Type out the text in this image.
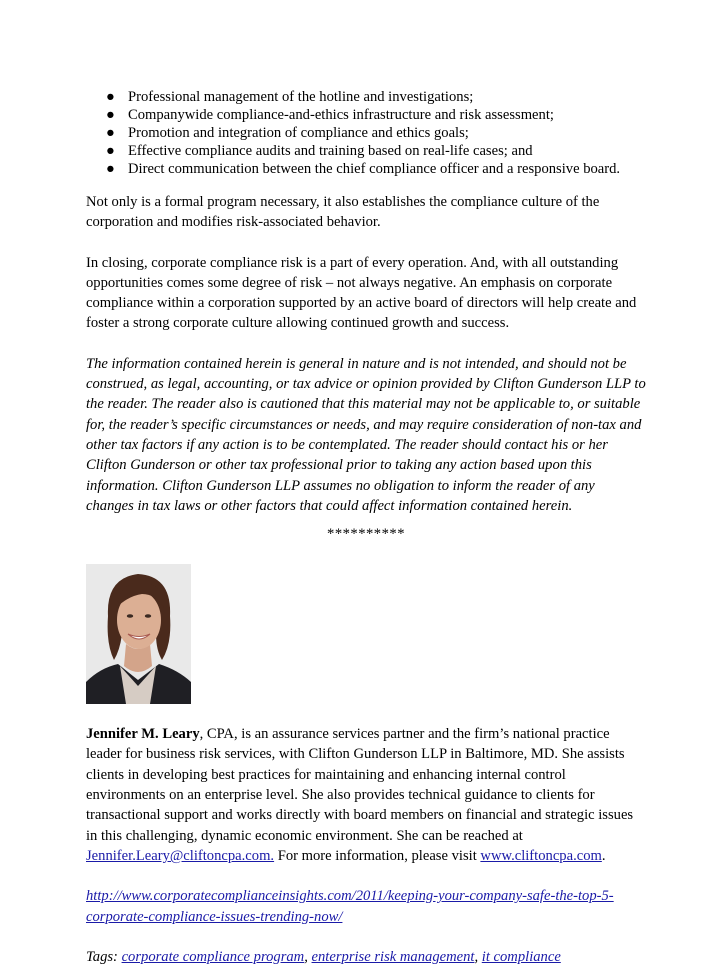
● Professional management of the hotline and investigations;
● Companywide compliance-and-ethics infrastructure and risk assessment;
● Promotion and integration of compliance and ethics goals;
● Effective compliance audits and training based on real-life cases; and
● Direct communication between the chief compliance officer and a responsive board.

Not only is a formal program necessary, it also establishes the compliance culture of the corporation and modifies risk-associated behavior.

In closing, corporate compliance risk is a part of every operation. And, with all outstanding opportunities comes some degree of risk – not always negative. An emphasis on corporate compliance within a corporation supported by an active board of directors will help create and foster a strong corporate culture allowing continued growth and success.

The information contained herein is general in nature and is not intended, and should not be construed, as legal, accounting, or tax advice or opinion provided by Clifton Gunderson LLP to the reader. The reader also is cautioned that this material may not be applicable to, or suitable for, the reader’s specific circumstances or needs, and may require consideration of non-tax and other tax factors if any action is to be contemplated. The reader should contact his or her Clifton Gunderson or other tax professional prior to taking any action based upon this information. Clifton Gunderson LLP assumes no obligation to inform the reader of any changes in tax laws or other factors that could affect information contained herein.

**********

Jennifer M. Leary, CPA, is an assurance services partner and the firm’s national practice leader for business risk services, with Clifton Gunderson LLP in Baltimore, MD. She assists clients in developing best practices for maintaining and enhancing internal control environments on an enterprise level. She also provides technical guidance to clients for transactional support and works directly with board members on financial and strategic issues in this challenging, dynamic economic environment. She can be reached at Jennifer.Leary@cliftoncpa.com. For more information, please visit www.cliftoncpa.com.

http://www.corporatecomplianceinsights.com/2011/keeping-your-company-safe-the-top-5-corporate-compliance-issues-trending-now/

Tags: corporate compliance program, enterprise risk management, it compliance
